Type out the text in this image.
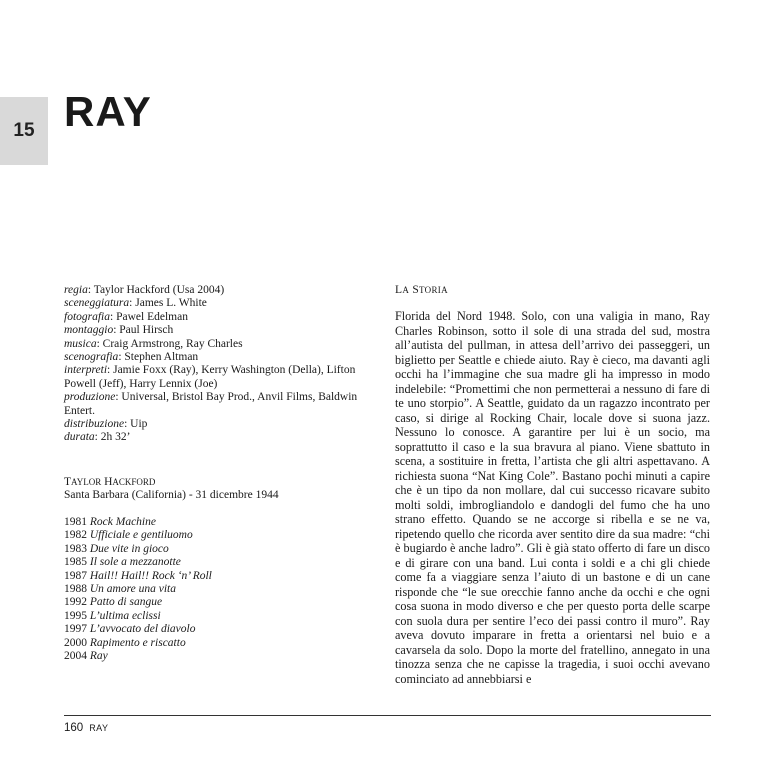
15 RAY
regia: Taylor Hackford (Usa 2004)
sceneggiatura: James L. White
fotografia: Pawel Edelman
montaggio: Paul Hirsch
musica: Craig Armstrong, Ray Charles
scenografia: Stephen Altman
interpreti: Jamie Foxx (Ray), Kerry Washington (Della), Lifton Powell (Jeff), Harry Lennix (Joe)
produzione: Universal, Bristol Bay Prod., Anvil Films, Baldwin Entert.
distribuzione: Uip
durata: 2h 32’
TAYLOR HACKFORD
Santa Barbara (California) - 31 dicembre 1944
1981 Rock Machine
1982 Ufficiale e gentiluomo
1983 Due vite in gioco
1985 Il sole a mezzanotte
1987 Hail!! Hail!! Rock ‘n’ Roll
1988 Un amore una vita
1992 Patto di sangue
1995 L’ultima eclissi
1997 L’avvocato del diavolo
2000 Rapimento e riscatto
2004 Ray
LA STORIA

Florida del Nord 1948. Solo, con una valigia in mano, Ray Charles Robinson, sotto il sole di una strada del sud, mostra all’autista del pullman, in attesa dell’arrivo dei passeggeri, un biglietto per Seattle e chiede aiuto. Ray è cieco, ma davanti agli occhi ha l’immagine che sua madre gli ha impresso in modo indelebile: “Promettimi che non permetterai a nessuno di fare di te uno storpio”. A Seattle, guidato da un ragazzo incontrato per caso, si dirige al Rocking Chair, locale dove si suona jazz. Nessuno lo conosce. A garantire per lui è un socio, ma soprattutto il caso e la sua bravura al piano. Viene sbattuto in scena, a sostituire in fretta, l’artista che gli altri aspettavano. A richiesta suona “Nat King Cole”. Bastano pochi minuti a capire che è un tipo da non mollare, dal cui successo ricavare subito molti soldi, imbrogliandolo e dandogli del fumo che ha uno strano effetto. Quando se ne accorge si ribella e se ne va, ripetendo quello che ricorda aver sentito dire da sua madre: “chi è bugiardo è anche ladro”. Gli è già stato offerto di fare un disco e di girare con una band. Lui conta i soldi e a chi gli chiede come fa a viaggiare senza l’aiuto di un bastone e di un cane risponde che “le sue orecchie fanno anche da occhi e che ogni cosa suona in modo diverso e che per questo porta delle scarpe con suola dura per sentire l’eco dei passi contro il muro”. Ray aveva dovuto imparare in fretta a orientarsi nel buio e a cavarsela da solo. Dopo la morte del fratellino, annegato in una tinozza senza che ne capisse la tragedia, i suoi occhi avevano cominciato ad annebbiarsi e

160 RAY
